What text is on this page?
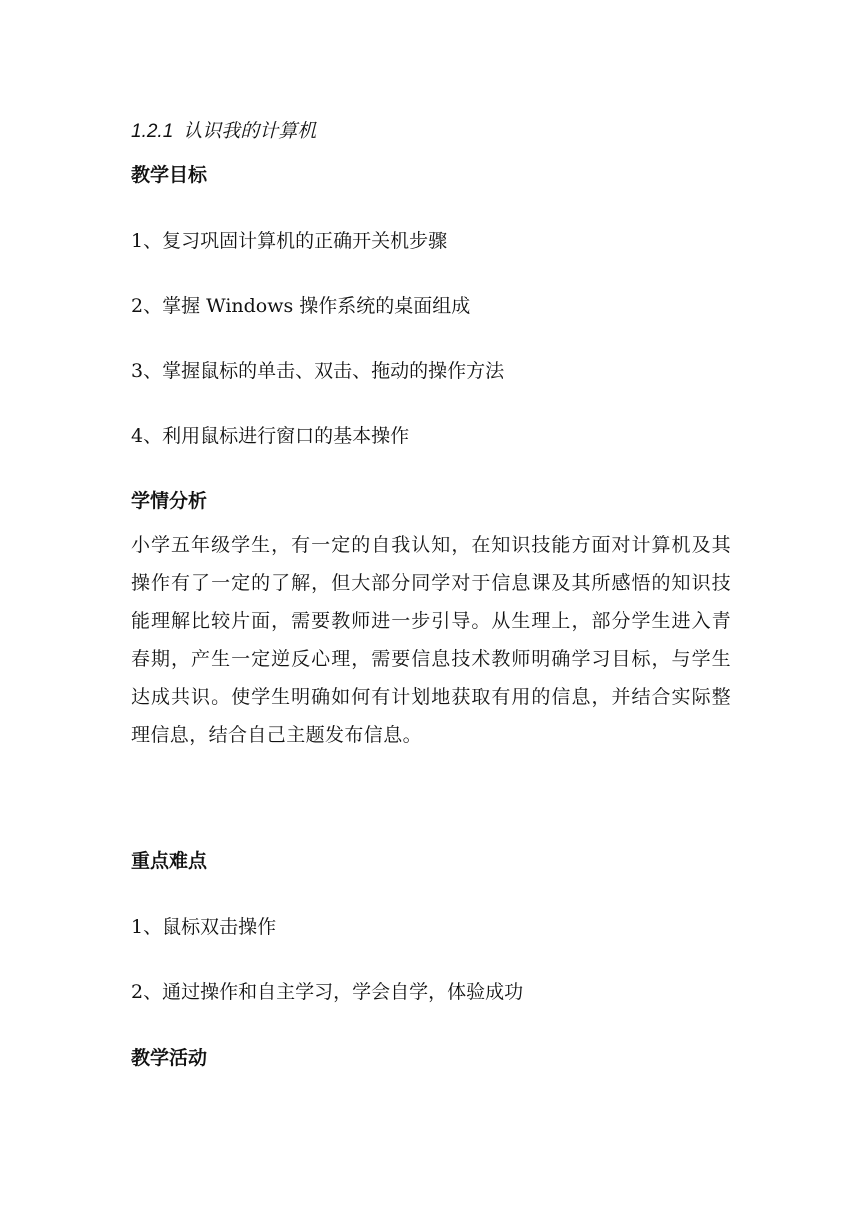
1.2.1 认识我的计算机
教学目标
1、复习巩固计算机的正确开关机步骤
2、掌握 Windows 操作系统的桌面组成
3、掌握鼠标的单击、双击、拖动的操作方法
4、利用鼠标进行窗口的基本操作
学情分析
小学五年级学生，有一定的自我认知，在知识技能方面对计算机及其操作有了一定的了解，但大部分同学对于信息课及其所感悟的知识技能理解比较片面，需要教师进一步引导。从生理上，部分学生进入青春期，产生一定逆反心理，需要信息技术教师明确学习目标，与学生达成共识。使学生明确如何有计划地获取有用的信息，并结合实际整理信息，结合自己主题发布信息。
重点难点
1、鼠标双击操作
2、通过操作和自主学习，学会自学，体验成功
教学活动
